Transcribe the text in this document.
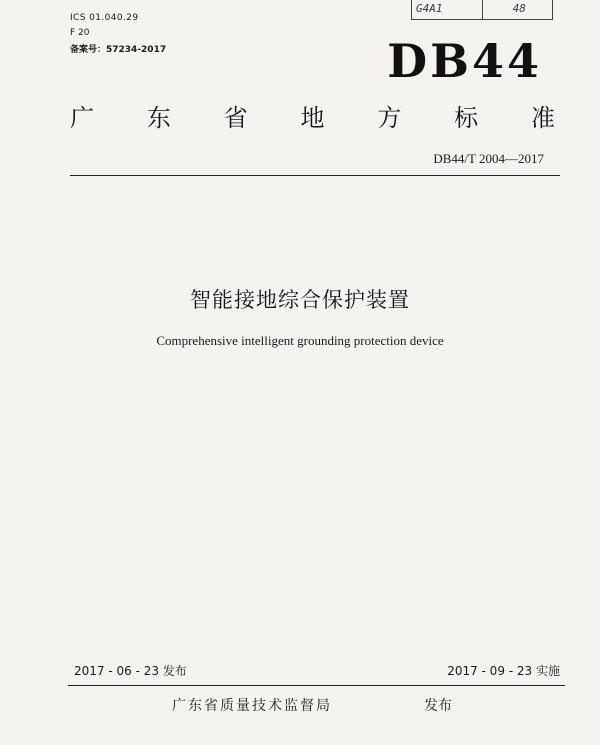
G4A1	48
ICS 01.040.29
F 20
备案号：57234-2017	DB44
广 东 省 地 方 标 准
DB44/T 2004—2017
智能接地综合保护装置
Comprehensive intelligent grounding protection device
2017 - 06 - 23 发布	2017 - 09 - 23 实施
广东省质量技术监督局	发布
